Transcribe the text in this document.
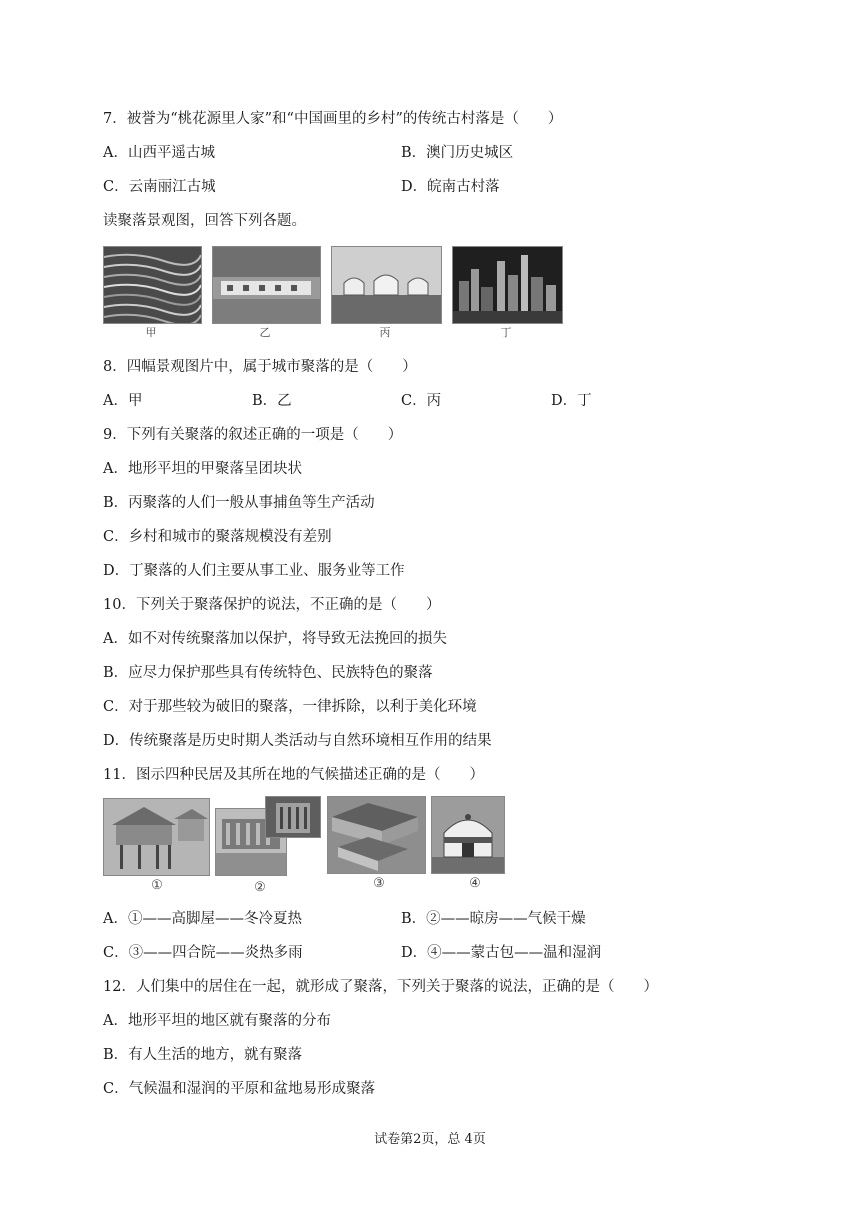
7．被誉为“桃花源里人家”和“中国画里的乡村”的传统古村落是（　　）
A．山西平遥古城	B．澳门历史城区
C．云南丽江古城	D．皖南古村落
读聚落景观图，回答下列各题。
甲	乙	丙	丁
8．四幅景观图片中，属于城市聚落的是（　　）
A．甲	B．乙	C．丙	D．丁
9．下列有关聚落的叙述正确的一项是（　　）
A．地形平坦的甲聚落呈团块状
B．丙聚落的人们一般从事捕鱼等生产活动
C．乡村和城市的聚落规模没有差别
D．丁聚落的人们主要从事工业、服务业等工作
10．下列关于聚落保护的说法，不正确的是（　　）
A．如不对传统聚落加以保护，将导致无法挽回的损失
B．应尽力保护那些具有传统特色、民族特色的聚落
C．对于那些较为破旧的聚落，一律拆除，以利于美化环境
D．传统聚落是历史时期人类活动与自然环境相互作用的结果
11．图示四种民居及其所在地的气候描述正确的是（　　）
①	②	③	④
A．①——高脚屋——冬冷夏热	B．②——晾房——气候干燥
C．③——四合院——炎热多雨	D．④——蒙古包——温和湿润
12．人们集中的居住在一起，就形成了聚落，下列关于聚落的说法，正确的是（　　）
A．地形平坦的地区就有聚落的分布
B．有人生活的地方，就有聚落
C．气候温和湿润的平原和盆地易形成聚落
试卷第2页，总 4页
